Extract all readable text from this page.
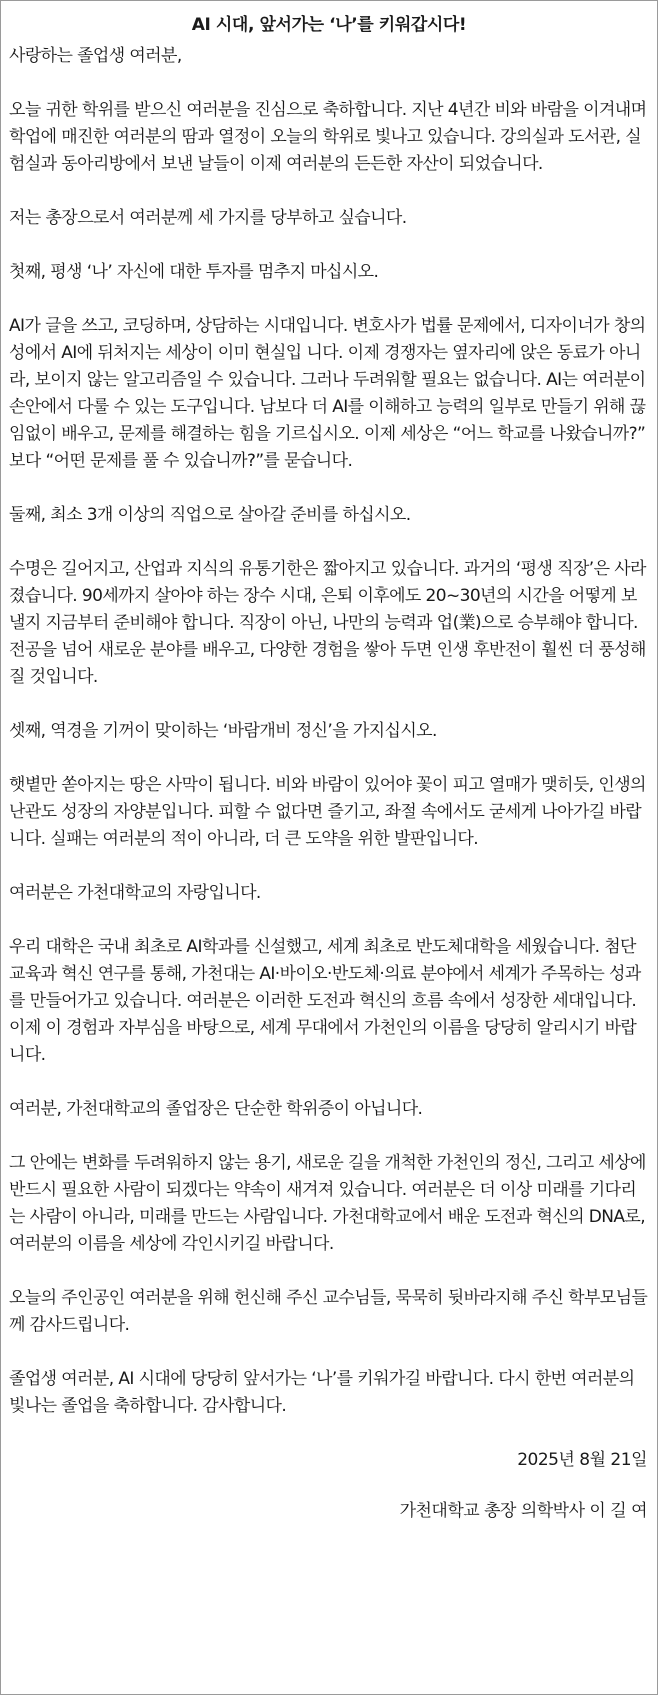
AI 시대, 앞서가는 ‘나’를 키워갑시다!

사랑하는 졸업생 여러분,

오늘 귀한 학위를 받으신 여러분을 진심으로 축하합니다. 지난 4년간 비와 바람을 이겨내며 학업에 매진한 여러분의 땀과 열정이 오늘의 학위로 빛나고 있습니다. 강의실과 도서관, 실험실과 동아리방에서 보낸 날들이 이제 여러분의 든든한 자산이 되었습니다.

저는 총장으로서 여러분께 세 가지를 당부하고 싶습니다.

첫째, 평생 ‘나’ 자신에 대한 투자를 멈추지 마십시오.

AI가 글을 쓰고, 코딩하며, 상담하는 시대입니다. 변호사가 법률 문제에서, 디자이너가 창의성에서 AI에 뒤처지는 세상이 이미 현실입 니다. 이제 경쟁자는 옆자리에 앉은 동료가 아니라, 보이지 않는 알고리즘일 수 있습니다. 그러나 두려워할 필요는 없습니다. AI는 여러분이 손안에서 다룰 수 있는 도구입니다. 남보다 더 AI를 이해하고 능력의 일부로 만들기 위해 끊임없이 배우고, 문제를 해결하는 힘을 기르십시오. 이제 세상은 “어느 학교를 나왔습니까?” 보다 “어떤 문제를 풀 수 있습니까?”를 묻습니다.

둘째, 최소 3개 이상의 직업으로 살아갈 준비를 하십시오.

수명은 길어지고, 산업과 지식의 유통기한은 짧아지고 있습니다. 과거의 ‘평생 직장’은 사라졌습니다. 90세까지 살아야 하는 장수 시대, 은퇴 이후에도 20~30년의 시간을 어떻게 보낼지 지금부터 준비해야 합니다. 직장이 아닌, 나만의 능력과 업(業)으로 승부해야 합니다. 전공을 넘어 새로운 분야를 배우고, 다양한 경험을 쌓아 두면 인생 후반전이 훨씬 더 풍성해질 것입니다.

셋째, 역경을 기꺼이 맞이하는 ‘바람개비 정신’을 가지십시오.

햇볕만 쏟아지는 땅은 사막이 됩니다. 비와 바람이 있어야 꽃이 피고 열매가 맺히듯, 인생의 난관도 성장의 자양분입니다. 피할 수 없다면 즐기고, 좌절 속에서도 굳세게 나아가길 바랍니다. 실패는 여러분의 적이 아니라, 더 큰 도약을 위한 발판입니다.

여러분은 가천대학교의 자랑입니다.

우리 대학은 국내 최초로 AI학과를 신설했고, 세계 최초로 반도체대학을 세웠습니다. 첨단 교육과 혁신 연구를 통해, 가천대는 AI·바이오·반도체·의료 분야에서 세계가 주목하는 성과를 만들어가고 있습니다. 여러분은 이러한 도전과 혁신의 흐름 속에서 성장한 세대입니다. 이제 이 경험과 자부심을 바탕으로, 세계 무대에서 가천인의 이름을 당당히 알리시기 바랍니다.

여러분, 가천대학교의 졸업장은 단순한 학위증이 아닙니다.

그 안에는 변화를 두려워하지 않는 용기, 새로운 길을 개척한 가천인의 정신, 그리고 세상에 반드시 필요한 사람이 되겠다는 약속이 새겨져 있습니다. 여러분은 더 이상 미래를 기다리는 사람이 아니라, 미래를 만드는 사람입니다. 가천대학교에서 배운 도전과 혁신의 DNA로, 여러분의 이름을 세상에 각인시키길 바랍니다.

오늘의 주인공인 여러분을 위해 헌신해 주신 교수님들, 묵묵히 뒷바라지해 주신 학부모님들께 감사드립니다.

졸업생 여러분, AI 시대에 당당히 앞서가는 ‘나’를 키워가길 바랍니다. 다시 한번 여러분의 빛나는 졸업을 축하합니다. 감사합니다.

2025년 8월 21일

가천대학교 총장 의학박사 이 길 여
